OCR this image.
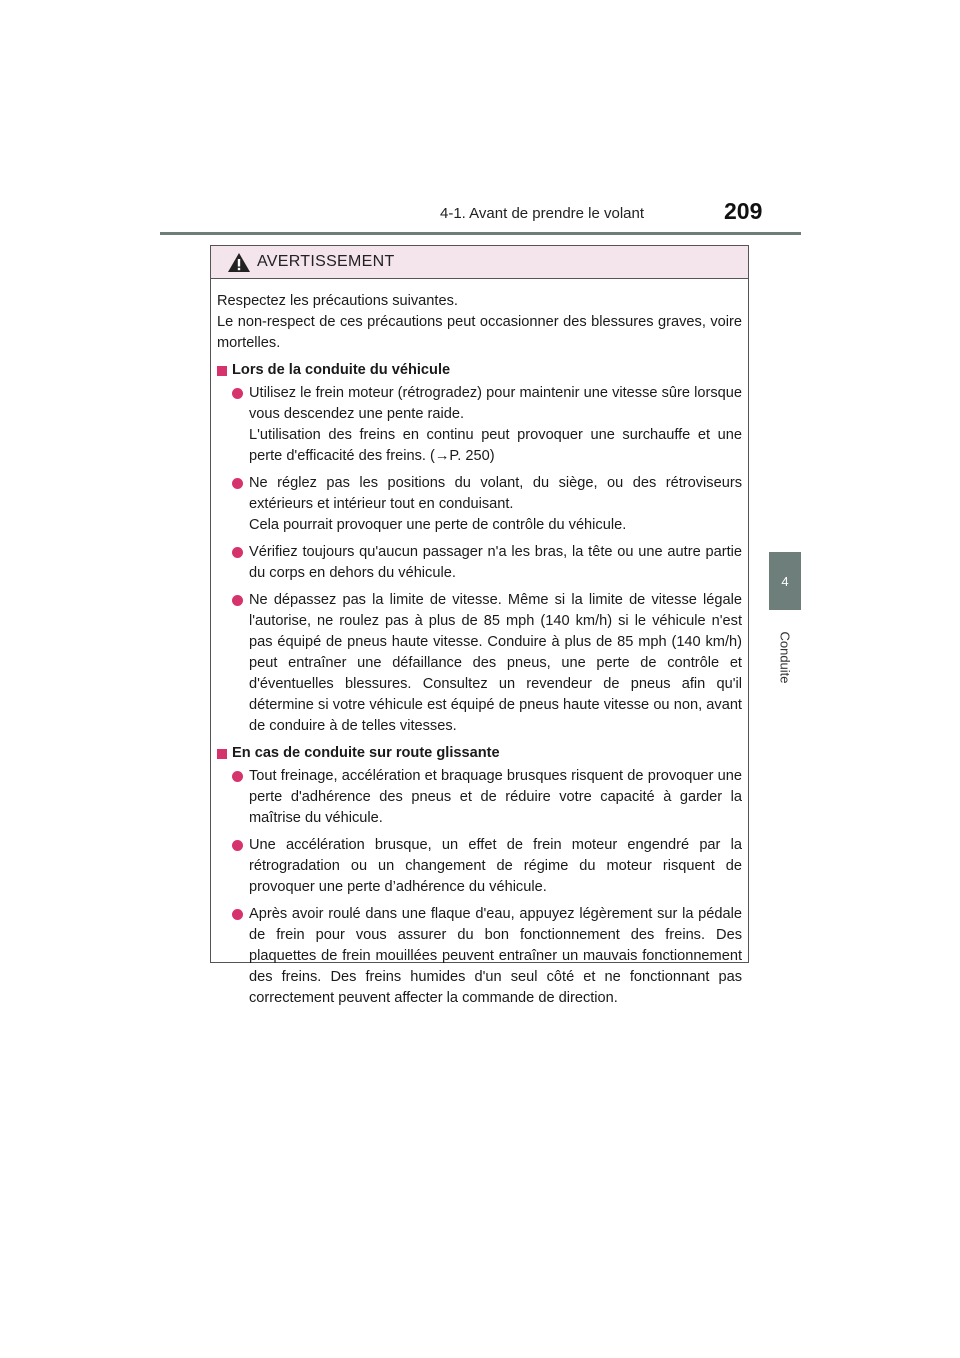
4-1. Avant de prendre le volant	209
4
Conduite
AVERTISSEMENT

Respectez les précautions suivantes.
Le non-respect de ces précautions peut occasionner des blessures graves, voire mortelles.

Lors de la conduite du véhicule

Utilisez le frein moteur (rétrogradez) pour maintenir une vitesse sûre lorsque vous descendez une pente raide.

L'utilisation des freins en continu peut provoquer une surchauffe et une perte d'efficacité des freins. (→P. 250)

Ne réglez pas les positions du volant, du siège, ou des rétroviseurs extérieurs et intérieur tout en conduisant.

Cela pourrait provoquer une perte de contrôle du véhicule.

Vérifiez toujours qu'aucun passager n'a les bras, la tête ou une autre partie du corps en dehors du véhicule.

Ne dépassez pas la limite de vitesse. Même si la limite de vitesse légale l'autorise, ne roulez pas à plus de 85 mph (140 km/h) si le véhicule n'est pas équipé de pneus haute vitesse. Conduire à plus de 85 mph (140 km/h) peut entraîner une défaillance des pneus, une perte de contrôle et d'éventuelles blessures. Consultez un revendeur de pneus afin qu'il détermine si votre véhicule est équipé de pneus haute vitesse ou non, avant de conduire à de telles vitesses.

En cas de conduite sur route glissante

Tout freinage, accélération et braquage brusques risquent de provoquer une perte d'adhérence des pneus et de réduire votre capacité à garder la maîtrise du véhicule.

Une accélération brusque, un effet de frein moteur engendré par la rétrogradation ou un changement de régime du moteur risquent de provoquer une perte d’adhérence du véhicule.

Après avoir roulé dans une flaque d'eau, appuyez légèrement sur la pédale de frein pour vous assurer du bon fonctionnement des freins. Des plaquettes de frein mouillées peuvent entraîner un mauvais fonctionnement des freins. Des freins humides d'un seul côté et ne fonctionnant pas correctement peuvent affecter la commande de direction.
